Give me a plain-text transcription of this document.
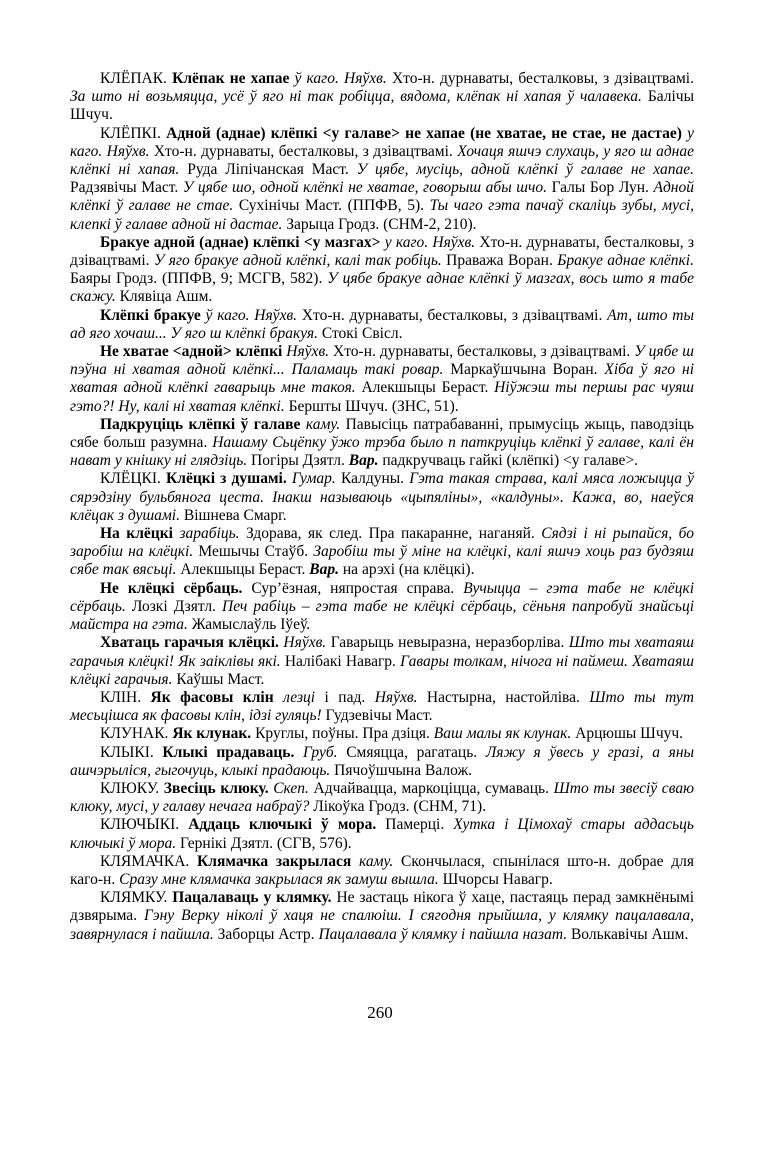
КЛЁПАК. Клёпак не хапае ў каго. Няўхв. Хто-н. дурнаваты, бесталковы, з дзівацтвамі. За што ні возьмяцца, усё ў яго ні так робіцца, вядома, клёпак ні хапая ў чалавека. Балічы Шчуч.

КЛЁПКІ. Адной (аднае) клёпкі <у галаве> не хапае (не хватае, не стае, не дастае) у каго. Няўхв. Хто-н. дурнаваты, бесталковы, з дзівацтвамі. Хочаця яшчэ слухаць, у яго ш аднае клёпкі ні хапая. Руда Ліпічанская Маст. У цябе, мусіць, адной клёпкі ў галаве не хапае. Радзявічы Маст. У цябе шо, одной клёпкі не хватае, говорыш абы шчо. Галы Бор Лун. Адной клёпкі ў галаве не стае. Сухінічы Маст. (ППФВ, 5). Ты чаго гэта пачаў скаліць зубы, мусі, клепкі ў галаве адной ні дастае. Зарыца Гродз. (СНМ-2, 210).

Бракуе адной (аднае) клёпкі <у мазгах> у каго. Няўхв. Хто-н. дурнаваты, бесталковы, з дзівацтвамі. У яго бракуе адной клёпкі, калі так робіць. Праважа Воран. Бракуе аднае клёпкі. Баяры Гродз. (ППФВ, 9; МСГВ, 582). У цябе бракуе аднае клёпкі ў мазгах, вось што я табе скажу. Клявіца Ашм.

Клёпкі бракуе ў каго. Няўхв. Хто-н. дурнаваты, бесталковы, з дзівацтвамі. Ат, што ты ад яго хочаш... У яго ш клёпкі бракуя. Стокі Свісл.

Не хватае <адной> клёпкі Няўхв. Хто-н. дурнаваты, бесталковы, з дзівацтвамі. У цябе ш пэўна ні хватая адной клёпкі... Паламаць такі ровар. Маркаўшчына Воран. Хіба ў яго ні хватая адной клёпкі гаварыць мне такоя. Алекшыцы Бераст. Ніўжэш ты першы рас чуяш гэто?! Ну, калі ні хватая клёпкі. Бершты Шчуч. (ЗНС, 51).

Падкруціць клёпкі ў галаве каму. Павысіць патрабаванні, прымусіць жыць, паводзіць сябе больш разумна. Нашаму Сьцёпку ўжо трэба было п паткруціць клёпкі ў галаве, калі ён нават у кнішку ні глядзіць. Погіры Дзятл. Вар. падкручваць гайкі (клёпкі) <у галаве>.

КЛЁЦКІ. Клёцкі з душамі. Гумар. Калдуны. Гэта такая страва, калі мяса ложыцца ў сярэдзіну бульбянога цеста. Інакш называюць «цыпяліны», «калдуны». Кажа, во, наеўся клёцак з душамі. Вішнева Смарг.

На клёцкі зарабіць. Здорава, як след. Пра пакаранне, наганяй. Сядзі і ні рыпайся, бо заробіш на клёцкі. Мешычы Стаўб. Заробіш ты ў міне на клёцкі, калі яшчэ хоць раз будзяш сябе так вясьці. Алекшыцы Бераст. Вар. на арэхі (на клёцкі).

Не клёцкі сёрбаць. Сур’ёзная, няпростая справа. Вучыцца – гэта табе не клёцкі сёрбаць. Лозкі Дзятл. Печ рабіць – гэта табе не клёцкі сёрбаць, сёньня папробуй знайсьці майстра на гэта. Жамыслаўль Іўеў.

Хватаць гарачыя клёцкі. Няўхв. Гаварыць невыразна, неразборліва. Што ты хватаяш гарачыя клёцкі! Як заіклівы які. Налібакі Навагр. Гавары толкам, нічога ні паймеш. Хватаяш клёцкі гарачыя. Каўшы Маст.

КЛІН. Як фасовы клін лезці і пад. Няўхв. Настырна, настойліва. Што ты тут месьцішса як фасовы клін, ідзі гуляць! Гудзевічы Маст.

КЛУНАК. Як клунак. Круглы, поўны. Пра дзіця. Ваш малы як клунак. Арцюшы Шчуч.

КЛЫКІ. Клыкі прадаваць. Груб. Смяяцца, рагатаць. Ляжу я ўвесь у гразі, а яны ашчэрыліся, гыгочуць, клыкі прадаюць. Пячоўшчына Валож.

КЛЮКУ. Звесіць клюку. Скеп. Адчайвацца, маркоціцца, сумаваць. Што ты звесіў сваю клюку, мусі, у галаву нечага набраў? Лікоўка Гродз. (СНМ, 71).

КЛЮЧЫКІ. Аддаць ключыкі ў мора. Памерці. Хутка і Цімохаў стары аддасьць ключыкі ў мора. Гернікі Дзятл. (СГВ, 576).

КЛЯМАЧКА. Клямачка закрылася каму. Скончылася, спынілася што-н. добрае для каго-н. Сразу мне клямачка закрылася як замуш вышла. Шчорсы Навагр.

КЛЯМКУ. Пацалаваць у клямку. Не застаць нікога ў хаце, пастаяць перад замкнёнымі дзвярыма. Гэну Верку ніколі ў хаця не спалюіш. І сягодня прыйшла, у клямку пацалавала, завярнулася і пайшла. Заборцы Астр. Пацалавала ў клямку і пайшла назат. Волькавічы Ашм.

260
